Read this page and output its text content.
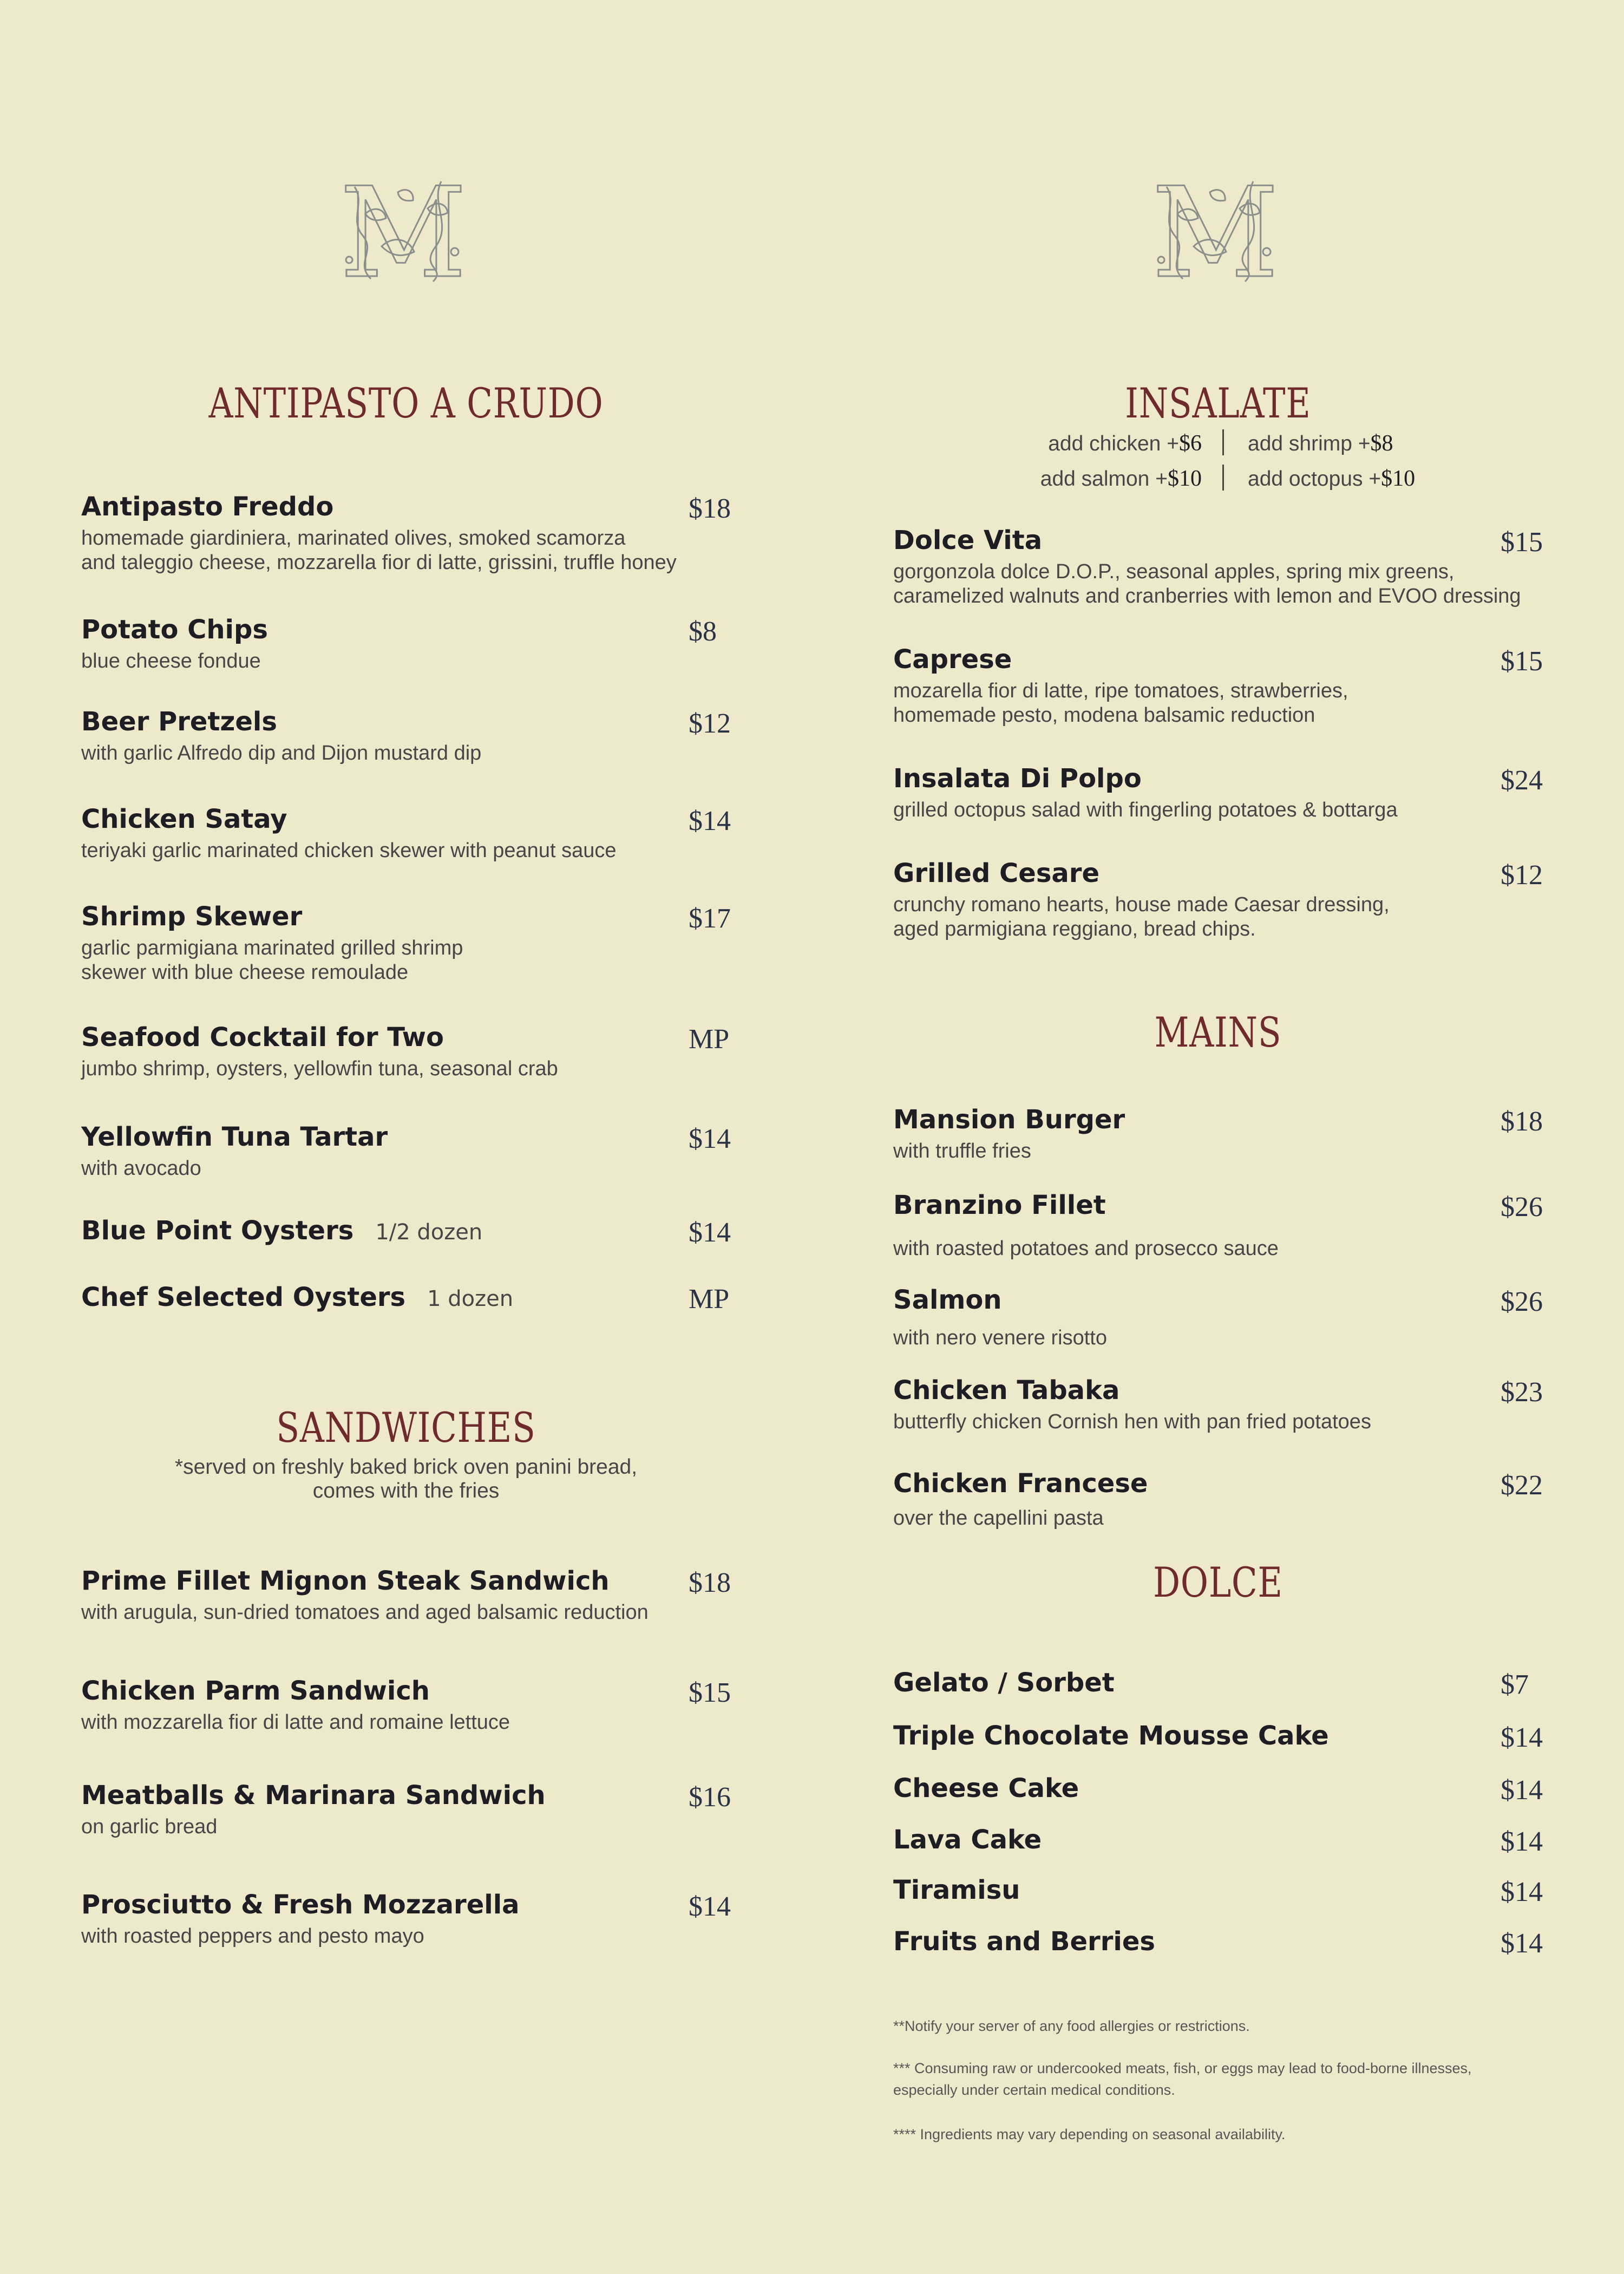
ANTIPASTO A CRUDO
Antipasto Freddo	$18
homemade giardiniera, marinated olives, smoked scamorza
and taleggio cheese, mozzarella fior di latte, grissini, truffle honey
Potato Chips	$8
blue cheese fondue
Beer Pretzels	$12
with garlic Alfredo dip and Dijon mustard dip
Chicken Satay	$14
teriyaki garlic marinated chicken skewer with peanut sauce
Shrimp Skewer	$17
garlic parmigiana marinated grilled shrimp
skewer with blue cheese remoulade
Seafood Cocktail for Two	MP
jumbo shrimp, oysters, yellowfin tuna, seasonal crab
Yellowfin Tuna Tartar	$14
with avocado
Blue Point Oysters 1/2 dozen	$14
Chef Selected Oysters 1 dozen	MP
SANDWICHES
*served on freshly baked brick oven panini bread,
comes with the fries
Prime Fillet Mignon Steak Sandwich	$18
with arugula, sun-dried tomatoes and aged balsamic reduction
Chicken Parm Sandwich	$15
with mozzarella fior di latte and romaine lettuce
Meatballs & Marinara Sandwich	$16
on garlic bread
Prosciutto & Fresh Mozzarella	$14
with roasted peppers and pesto mayo
INSALATE
add chicken +$6 add shrimp +$8
add salmon +$10 add octopus +$10
Dolce Vita	$15
gorgonzola dolce D.O.P., seasonal apples, spring mix greens,
caramelized walnuts and cranberries with lemon and EVOO dressing
Caprese	$15
mozarella fior di latte, ripe tomatoes, strawberries,
homemade pesto, modena balsamic reduction
Insalata Di Polpo	$24
grilled octopus salad with fingerling potatoes & bottarga
Grilled Cesare	$12
crunchy romano hearts, house made Caesar dressing,
aged parmigiana reggiano, bread chips.
MAINS
Mansion Burger	$18
with truffle fries
Branzino Fillet	$26
with roasted potatoes and prosecco sauce
Salmon	$26
with nero venere risotto
Chicken Tabaka	$23
butterfly chicken Cornish hen with pan fried potatoes
Chicken Francese	$22
over the capellini pasta
DOLCE
Gelato / Sorbet	$7
Triple Chocolate Mousse Cake	$14
Cheese Cake	$14
Lava Cake	$14
Tiramisu	$14
Fruits and Berries	$14
**Notify your server of any food allergies or restrictions.
*** Consuming raw or undercooked meats, fish, or eggs may lead to food-borne illnesses,
especially under certain medical conditions.
**** Ingredients may vary depending on seasonal availability.
